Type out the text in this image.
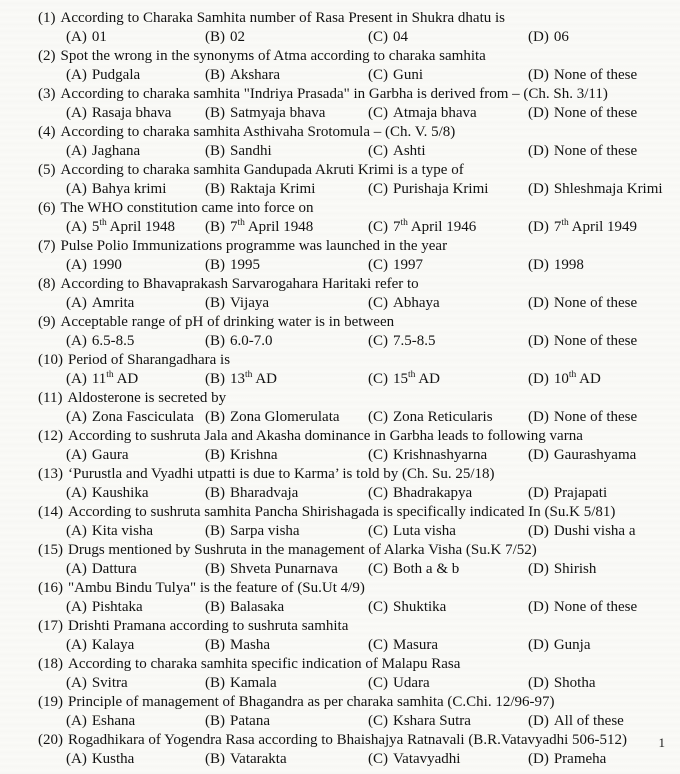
(1) According to Charaka Samhita number of Rasa Present in Shukra dhatu is
(A) 01	(B) 02	(C) 04	(D) 06
(2) Spot the wrong in the synonyms of Atma according to charaka samhita
(A) Pudgala	(B) Akshara	(C) Guni	(D) None of these
(3) According to charaka samhita "Indriya Prasada" in Garbha is derived from – (Ch. Sh. 3/11)
(A) Rasaja bhava	(B) Satmyaja bhava	(C) Atmaja bhava	(D) None of these
(4) According to charaka samhita Asthivaha Srotomula – (Ch. V. 5/8)
(A) Jaghana	(B) Sandhi	(C) Ashti	(D) None of these
(5) According to charaka samhita Gandupada Akruti Krimi is a type of
(A) Bahya krimi	(B) Raktaja Krimi	(C) Purishaja Krimi	(D) Shleshmaja Krimi
(6) The WHO constitution came into force on
(A) 5th April 1948	(B) 7th April 1948	(C) 7th April 1946	(D) 7th April 1949
(7) Pulse Polio Immunizations programme was launched in the year
(A) 1990	(B) 1995	(C) 1997	(D) 1998
(8) According to Bhavaprakash Sarvarogahara Haritaki refer to
(A) Amrita	(B) Vijaya	(C) Abhaya	(D) None of these
(9) Acceptable range of pH of drinking water is in between
(A) 6.5-8.5	(B) 6.0-7.0	(C) 7.5-8.5	(D) None of these
(10) Period of Sharangadhara is
(A) 11th AD	(B) 13th AD	(C) 15th AD	(D) 10th AD
(11) Aldosterone is secreted by
(A) Zona Fasciculata (B) Zona Glomerulata	(C) Zona Reticularis	(D) None of these
(12) According to sushruta Jala and Akasha dominance in Garbha leads to following varna
(A) Gaura	(B) Krishna	(C) Krishnashyarna	(D) Gaurashyama
(13) ‘Purustla and Vyadhi utpatti is due to Karma’ is told by (Ch. Su. 25/18)
(A) Kaushika	(B) Bharadvaja	(C) Bhadrakapya	(D) Prajapati
(14) According to sushruta samhita Pancha Shirishagada is specifically indicated In (Su.K 5/81)
(A) Kita visha	(B) Sarpa visha	(C) Luta visha	(D) Dushi visha a
(15) Drugs mentioned by Sushruta in the management of Alarka Visha (Su.K 7/52)
(A) Dattura	(B) Shveta Punarnava	(C) Both a & b	(D) Shirish
(16) "Ambu Bindu Tulya" is the feature of (Su.Ut 4/9)
(A) Pishtaka	(B) Balasaka	(C) Shuktika	(D) None of these
(17) Drishti Pramana according to sushruta samhita
(A) Kalaya	(B) Masha	(C) Masura	(D) Gunja
(18) According to charaka samhita specific indication of Malapu Rasa
(A) Svitra	(B) Kamala	(C) Udara	(D) Shotha
(19) Principle of management of Bhagandra as per charaka samhita (C.Chi. 12/96-97)
(A) Eshana	(B) Patana	(C) Kshara Sutra	(D) All of these
(20) Rogadhikara of Yogendra Rasa according to Bhaishajya Ratnavali (B.R.Vatavyadhi 506-512)
(A) Kustha	(B) Vatarakta	(C) Vatavyadhi	(D) Prameha
1
